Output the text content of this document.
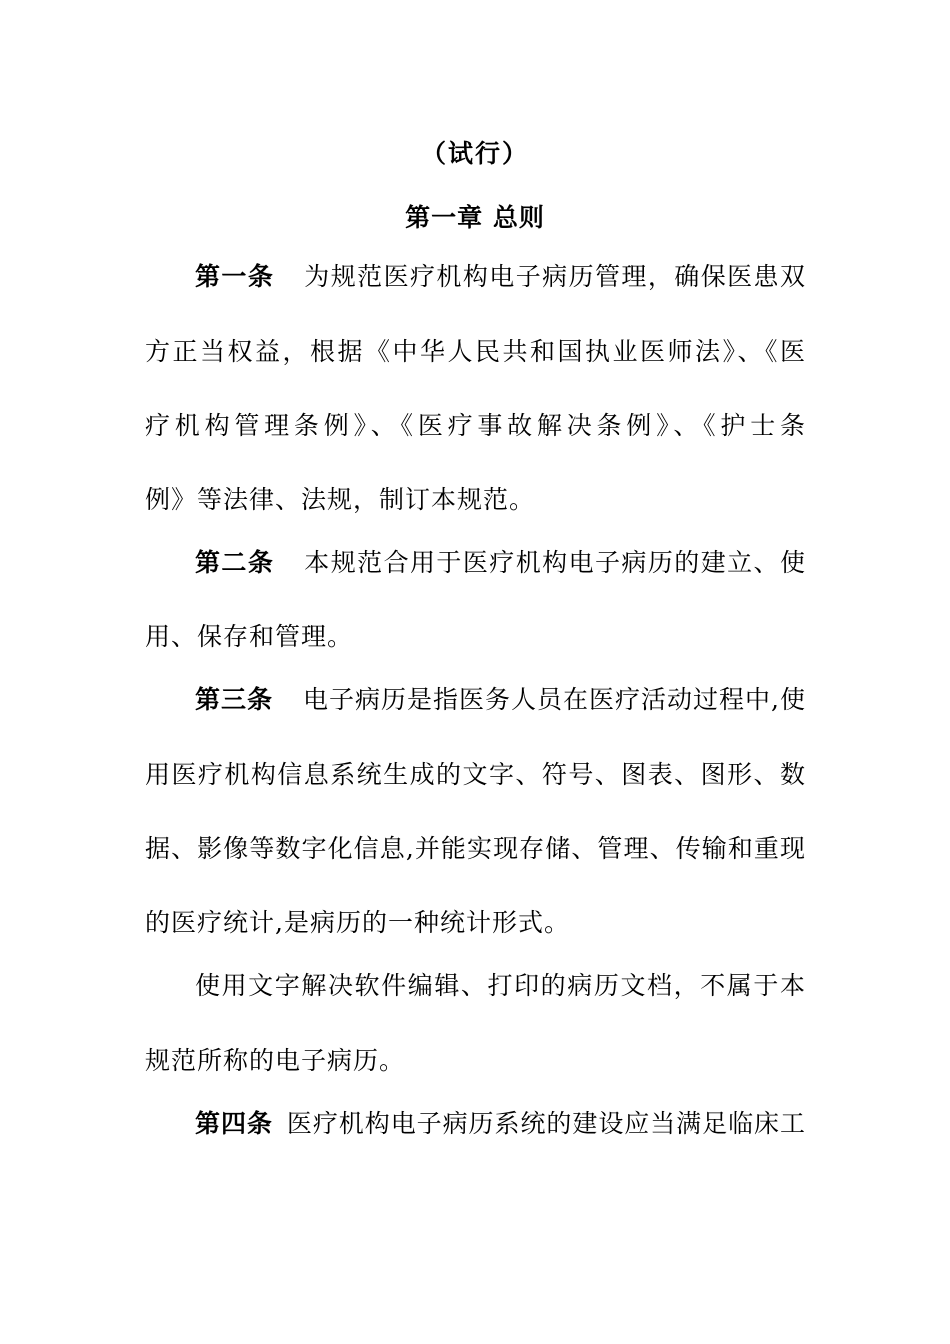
（试行）
第一章 总则
第一条 为规范医疗机构电子病历管理，确保医患双
方正当权益，根据《中华人民共和国执业医师法》、《医
疗机构管理条例》、《医疗事故解决条例》、《护士条
例》等法律、法规，制订本规范。
第二条 本规范合用于医疗机构电子病历的建立、使
用、保存和管理。
第三条 电子病历是指医务人员在医疗活动过程中,使
用医疗机构信息系统生成的文字、符号、图表、图形、数
据、影像等数字化信息,并能实现存储、管理、传输和重现
的医疗统计,是病历的一种统计形式。
使用文字解决软件编辑、打印的病历文档，不属于本
规范所称的电子病历。
第四条 医疗机构电子病历系统的建设应当满足临床工
